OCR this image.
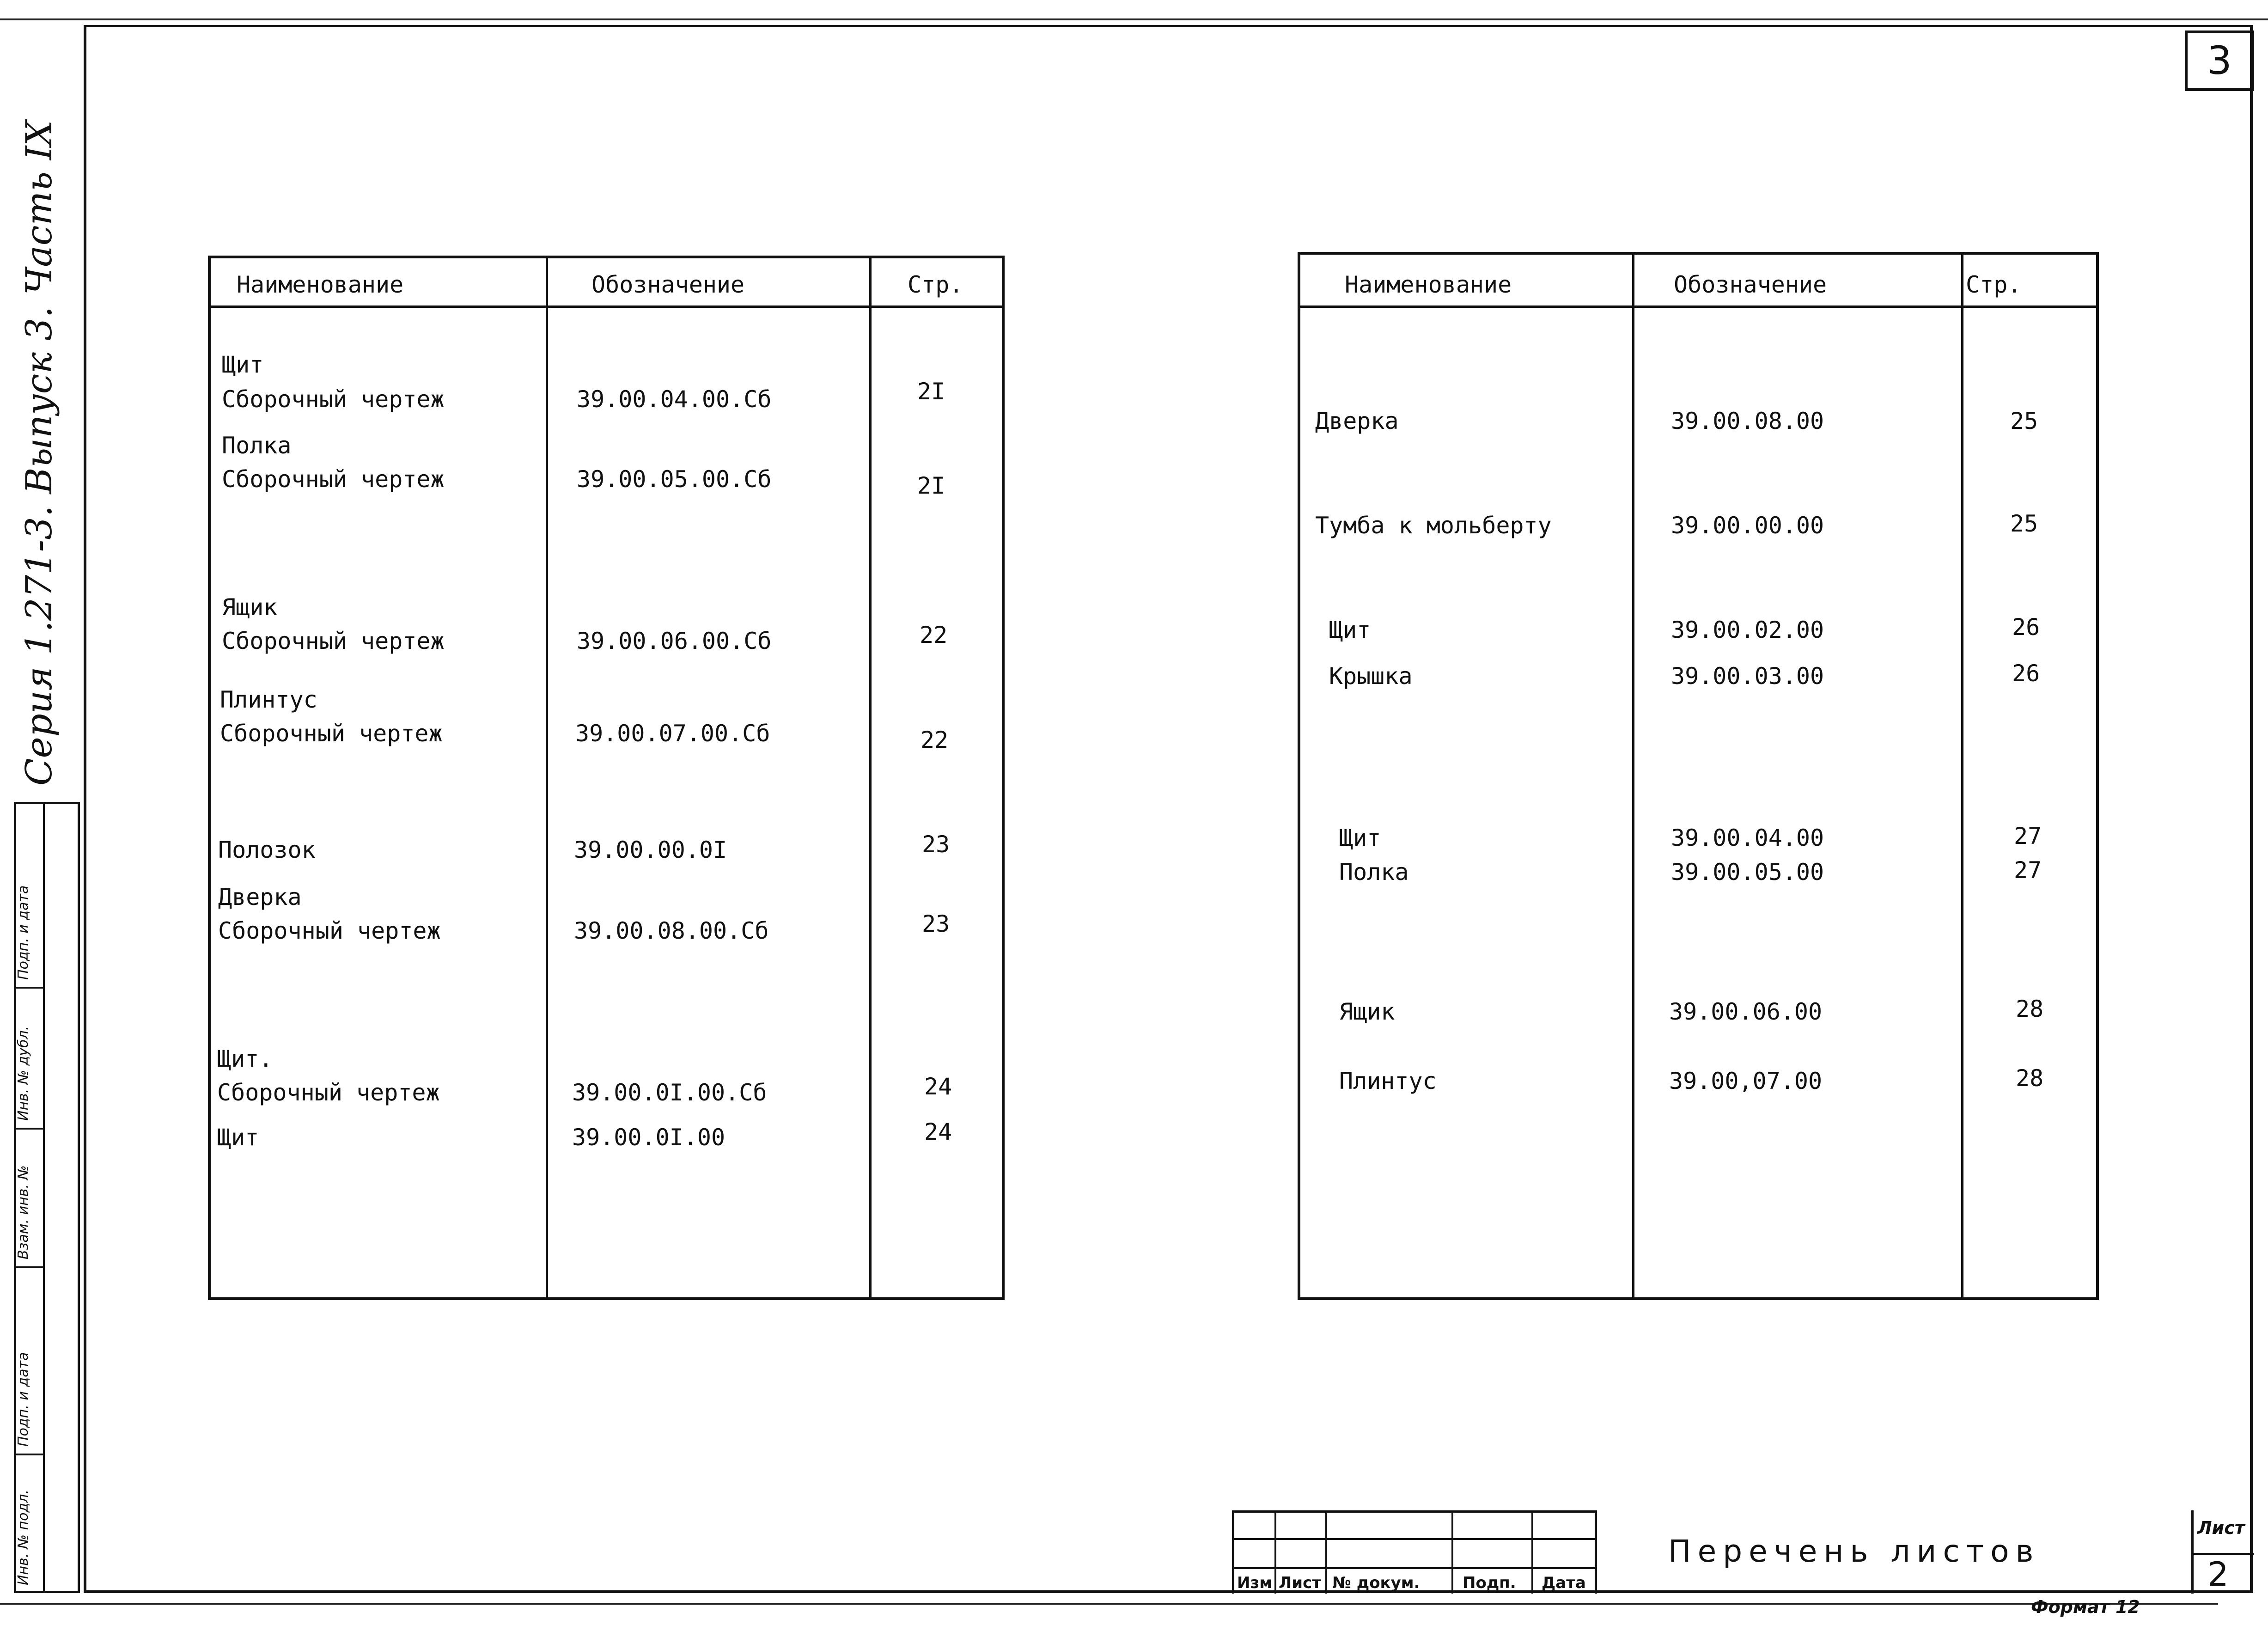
3
Серия 1.271-3. Выпуск 3. Часть IX
Подп. и дата
Инв. № дубл.
Взам. инв. №
Подп. и дата
Инв. № подл.
Наименование	Обозначение	Стр.
Щит
Сборочный чертеж	39.00.04.00.Сб	2I
Полка
Сборочный чертеж	39.00.05.00.Сб	2I
Ящик
Сборочный чертеж	39.00.06.00.Сб	22
Плинтус
Сборочный чертеж	39.00.07.00.Сб	22
Полозок	39.00.00.0I	23
Дверка
Сборочный чертеж	39.00.08.00.Сб	23
Щит.
Сборочный чертеж	39.00.0I.00.Сб	24
Щит	39.00.0I.00	24
Наименование	Обозначение	Стр.
Дверка	39.00.08.00	25
Тумба к мольберту	39.00.00.00	25
Щит	39.00.02.00	26
Крышка	39.00.03.00	26
Щит	39.00.04.00	27
Полка	39.00.05.00	27
Ящик	39.00.06.00	28
Плинтус	39.00,07.00	28
Изм Лист № докум.	Подп. Дата
Перечень листов
Лист
2
Формат 12
